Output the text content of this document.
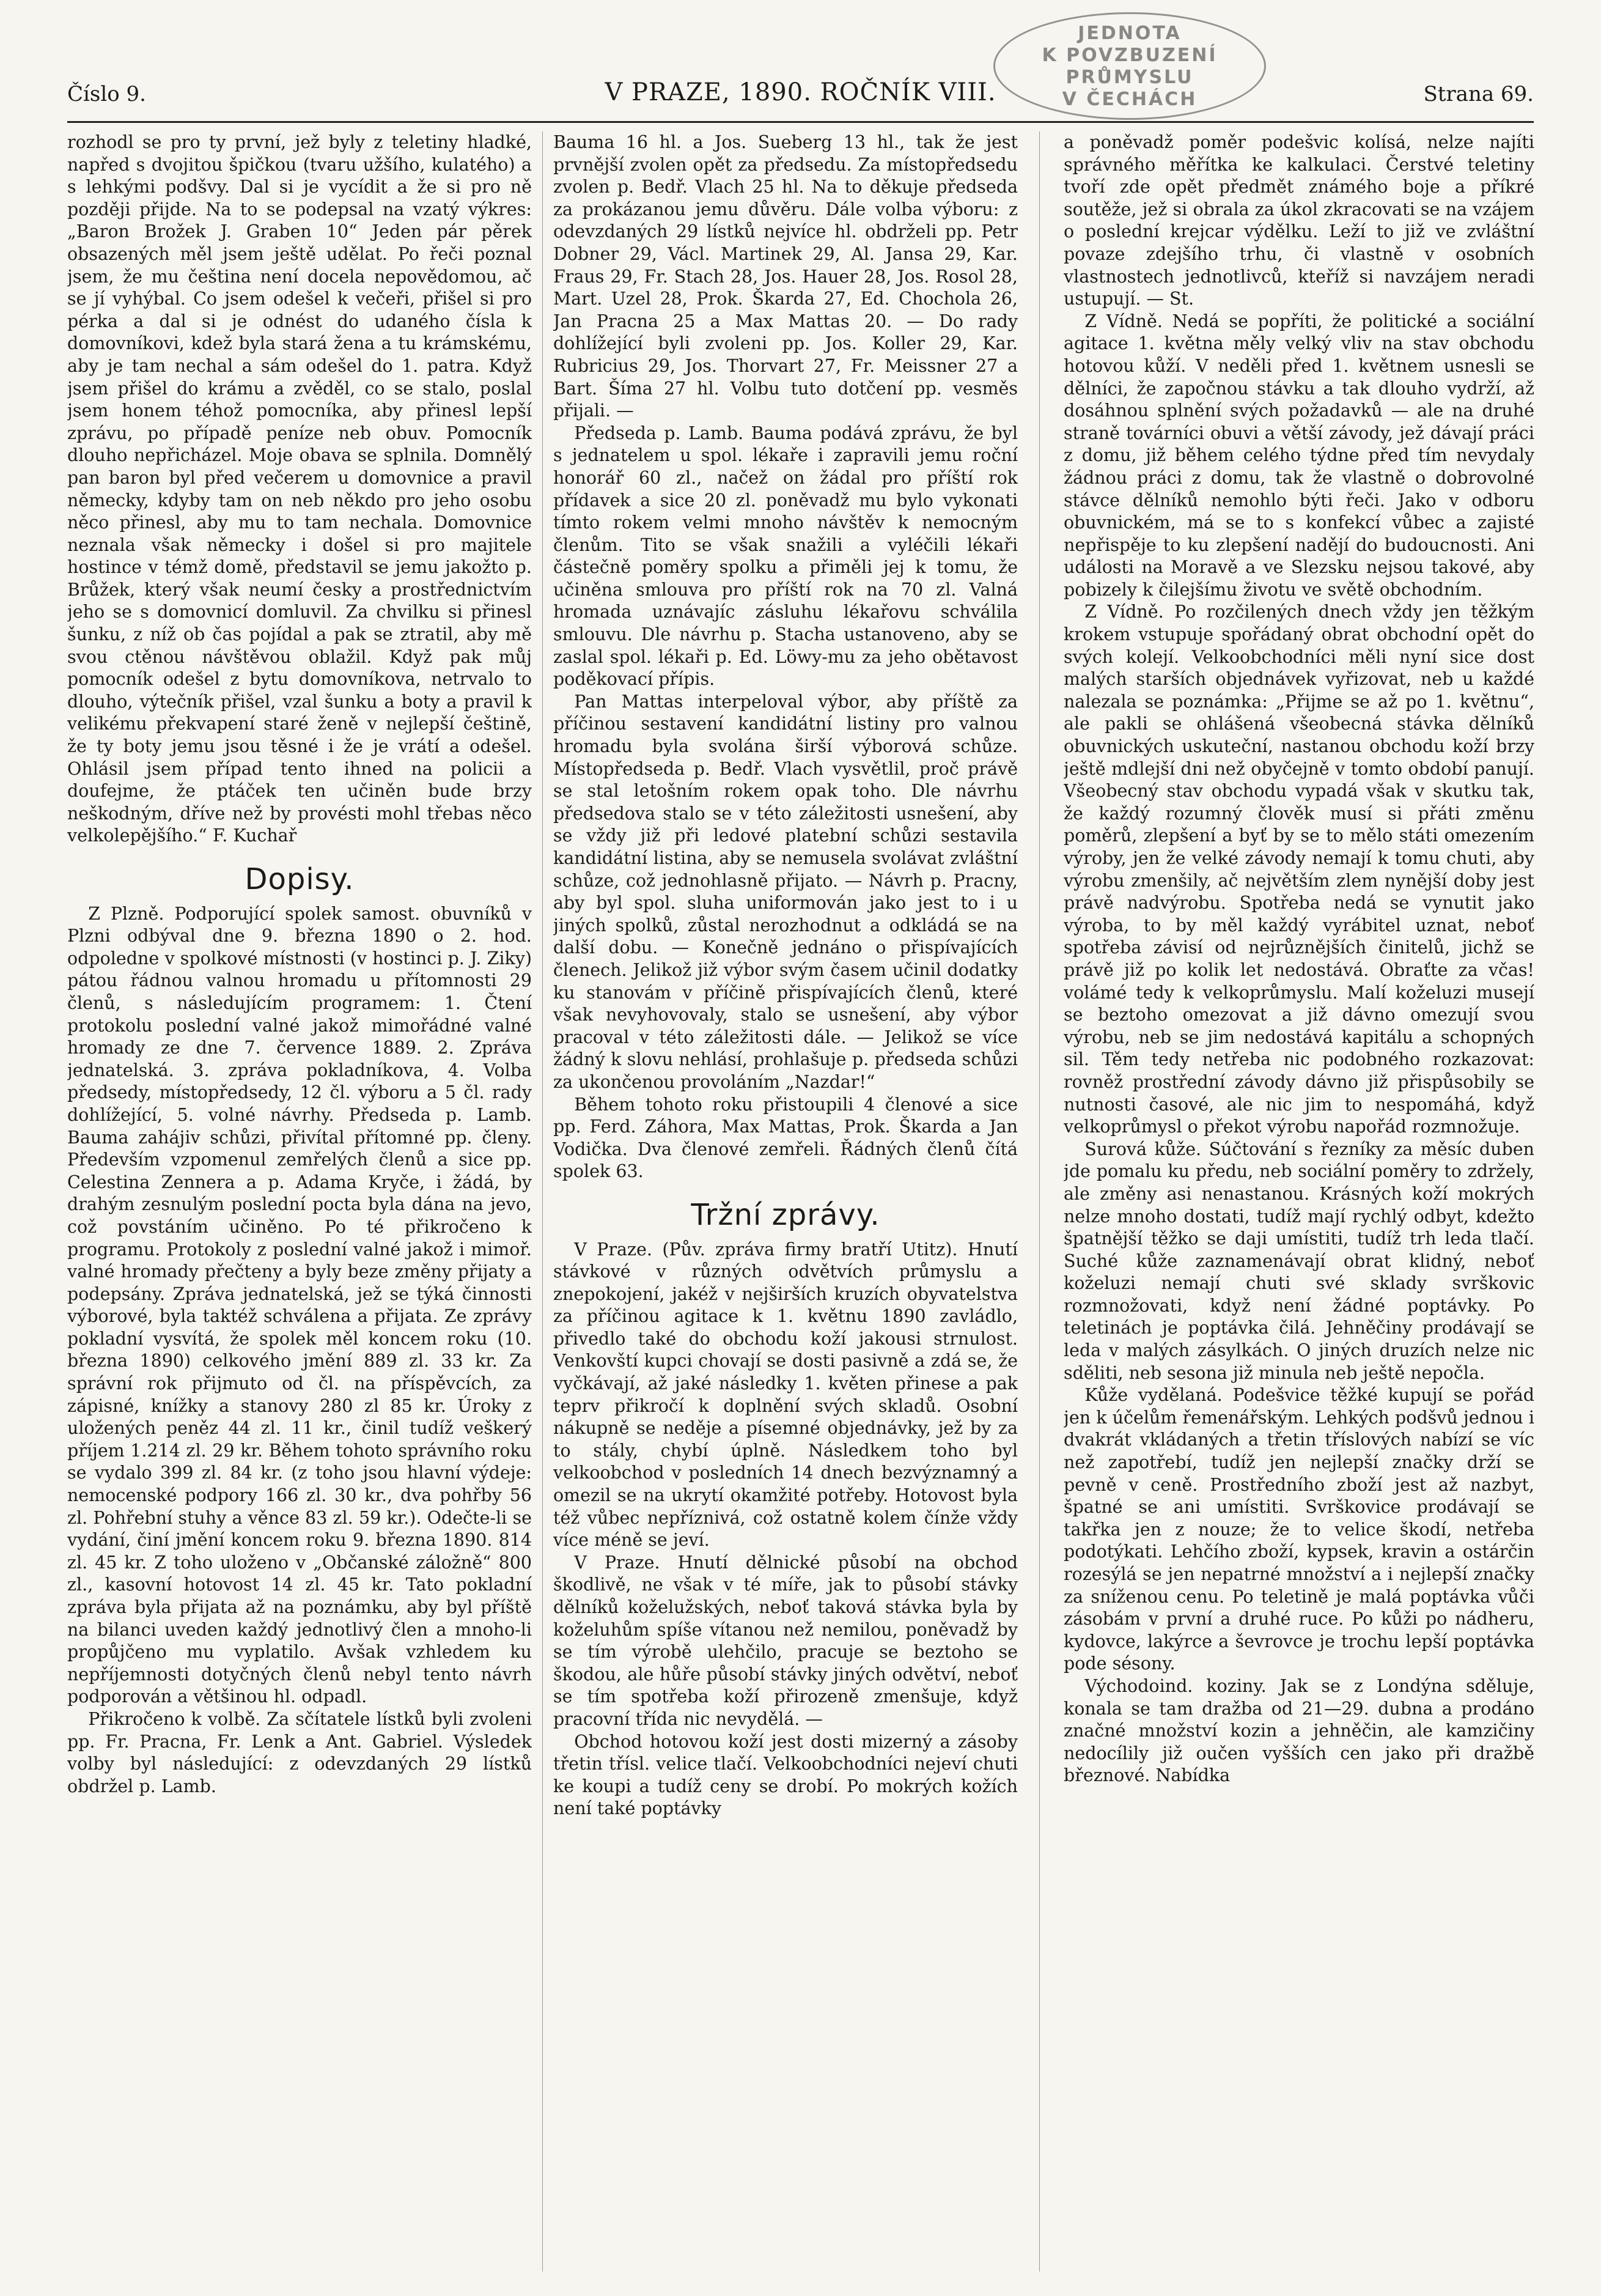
JEDNOTA
K POVZBUZENÍ
PRŮMYSLU
V ČECHÁCH
Číslo 9.	V PRAZE, 1890. ROČNÍK VIII.	Strana 69.

rozhodl se pro ty první, jež byly z teletiny hladké, napřed s dvojitou špičkou (tvaru užšího, kulatého) a s lehkými podšvy. Dal si je vycídit a že si pro ně později přijde. Na to se podepsal na vzatý výkres: „Baron Brožek J. Graben 10“ Jeden pár pěrek obsazených měl jsem ještě udělat. Po řeči poznal jsem, že mu čeština není docela nepovědomou, ač se jí vyhýbal. Co jsem odešel k večeři, přišel si pro pérka a dal si je odnést do udaného čísla k domovníkovi, kdež byla stará žena a tu krámskému, aby je tam nechal a sám odešel do 1. patra. Když jsem přišel do krámu a zvěděl, co se stalo, poslal jsem honem téhož pomocníka, aby přinesl lepší zprávu, po případě peníze neb obuv. Pomocník dlouho nepřicházel. Moje obava se splnila. Domnělý pan baron byl před večerem u domovnice a pravil německy, kdyby tam on neb někdo pro jeho osobu něco přinesl, aby mu to tam nechala. Domovnice neznala však německy i došel si pro majitele hostince v témž domě, představil se jemu jakožto p. Brůžek, který však neumí česky a prostřednictvím jeho se s domovnicí domluvil. Za chvilku si přinesl šunku, z níž ob čas pojídal a pak se ztratil, aby mě svou ctěnou návštěvou oblažil. Když pak můj pomocník odešel z bytu domovníkova, netrvalo to dlouho, výtečník přišel, vzal šunku a boty a pravil k velikému překvapení staré ženě v nejlepší češtině, že ty boty jemu jsou těsné i že je vrátí a odešel. Ohlásil jsem případ tento ihned na policii a doufejme, že ptáček ten učiněn bude brzy neškodným, dříve než by provésti mohl třebas něco velkolepějšího.“ F. Kuchař

Dopisy.

Z Plzně. Podporující spolek samost. obuvníků v Plzni odbýval dne 9. března 1890 o 2. hod. odpoledne v spolkové místnosti (v hostinci p. J. Ziky) pátou řádnou valnou hromadu u přítomnosti 29 členů, s následujícím programem: 1. Čtení protokolu poslední valné jakož mimořádné valné hromady ze dne 7. července 1889. 2. Zpráva jednatelská. 3. zpráva pokladníkova, 4. Volba předsedy, místopředsedy, 12 čl. výboru a 5 čl. rady dohlížející, 5. volné návrhy. Předseda p. Lamb. Bauma zahájiv schůzi, přivítal přítomné pp. členy. Především vzpomenul zemřelých členů a sice pp. Celestina Zennera a p. Adama Kryče, i žádá, by drahým zesnulým poslední pocta byla dána na jevo, což povstáním učiněno. Po té přikročeno k programu. Protokoly z poslední valné jakož i mimoř. valné hromady přečteny a byly beze změny přijaty a podepsány. Zpráva jednatelská, jež se týká činnosti výborové, byla taktéž schválena a přijata. Ze zprávy pokladní vysvítá, že spolek měl koncem roku (10. března 1890) celkového jmění 889 zl. 33 kr. Za správní rok přijmuto od čl. na příspěvcích, za zápisné, knížky a stanovy 280 zl 85 kr. Úroky z uložených peněz 44 zl. 11 kr., činil tudíž veškerý příjem 1.214 zl. 29 kr. Během tohoto správního roku se vydalo 399 zl. 84 kr. (z toho jsou hlavní výdeje: nemocenské podpory 166 zl. 30 kr., dva pohřby 56 zl. Pohřební stuhy a věnce 83 zl. 59 kr.). Odečte-li se vydání, činí jmění koncem roku 9. března 1890. 814 zl. 45 kr. Z toho uloženo v „Občanské záložně“ 800 zl., kasovní hotovost 14 zl. 45 kr. Tato pokladní zpráva byla přijata až na poznámku, aby byl příště na bilanci uveden každý jednotlivý člen a mnoho-li propůjčeno mu vyplatilo. Avšak vzhledem ku nepříjemnosti dotyčných členů nebyl tento návrh podporován a většinou hl. odpadl.

Přikročeno k volbě. Za sčítatele lístků byli zvoleni pp. Fr. Pracna, Fr. Lenk a Ant. Gabriel. Výsledek volby byl následující: z odevzdaných 29 lístků obdržel p. Lamb.

Bauma 16 hl. a Jos. Sueberg 13 hl., tak že jest prvnější zvolen opět za předsedu. Za místopředsedu zvolen p. Bedř. Vlach 25 hl. Na to děkuje předseda za prokázanou jemu důvěru. Dále volba výboru: z odevzdaných 29 lístků nejvíce hl. obdrželi pp. Petr Dobner 29, Václ. Martinek 29, Al. Jansa 29, Kar. Fraus 29, Fr. Stach 28, Jos. Hauer 28, Jos. Rosol 28, Mart. Uzel 28, Prok. Škarda 27, Ed. Chochola 26, Jan Pracna 25 a Max Mattas 20. — Do rady dohlížející byli zvoleni pp. Jos. Koller 29, Kar. Rubricius 29, Jos. Thorvart 27, Fr. Meissner 27 a Bart. Šíma 27 hl. Volbu tuto dotčení pp. vesměs přijali. —

Předseda p. Lamb. Bauma podává zprávu, že byl s jednatelem u spol. lékaře i zapravili jemu roční honorář 60 zl., načež on žádal pro příští rok přídavek a sice 20 zl. poněvadž mu bylo vykonati tímto rokem velmi mnoho návštěv k nemocným členům. Tito se však snažili a vyléčili lékaři částečně poměry spolku a přiměli jej k tomu, že učiněna smlouva pro příští rok na 70 zl. Valná hromada uznávajíc zásluhu lékařovu schválila smlouvu. Dle návrhu p. Stacha ustanoveno, aby se zaslal spol. lékaři p. Ed. Löwy-mu za jeho obětavost poděkovací přípis.

Pan Mattas interpeloval výbor, aby příště za příčinou sestavení kandidátní listiny pro valnou hromadu byla svolána širší výborová schůze. Místopředseda p. Bedř. Vlach vysvětlil, proč právě se stal letošním rokem opak toho. Dle návrhu předsedova stalo se v této záležitosti usnešení, aby se vždy již při ledové platební schůzi sestavila kandidátní listina, aby se nemusela svolávat zvláštní schůze, což jednohlasně přijato. — Návrh p. Pracny, aby byl spol. sluha uniformován jako jest to i u jiných spolků, zůstal nerozhodnut a odkládá se na další dobu. — Konečně jednáno o přispívajících členech. Jelikož již výbor svým časem učinil dodatky ku stanovám v příčině přispívajících členů, které však nevyhovovaly, stalo se usnešení, aby výbor pracoval v této záležitosti dále. — Jelikož se více žádný k slovu nehlásí, prohlašuje p. předseda schůzi za ukončenou provoláním „Nazdar!“

Během tohoto roku přistoupili 4 členové a sice pp. Ferd. Záhora, Max Mattas, Prok. Škarda a Jan Vodička. Dva členové zemřeli. Řádných členů čítá spolek 63.

Tržní zprávy.

V Praze. (Pův. zpráva firmy bratří Utitz). Hnutí stávkové v různých odvětvích průmyslu a znepokojení, jakéž v nejširších kruzích obyvatelstva za příčinou agitace k 1. květnu 1890 zavládlo, přivedlo také do obchodu koží jakousi strnulost. Venkovští kupci chovají se dosti pasivně a zdá se, že vyčkávají, až jaké následky 1. květen přinese a pak teprv přikročí k doplnění svých skladů. Osobní nákupně se neděje a písemné objednávky, jež by za to stály, chybí úplně. Následkem toho byl velkoobchod v posledních 14 dnech bezvýznamný a omezil se na ukrytí okamžité potřeby. Hotovost byla též vůbec nepříznivá, což ostatně kolem čínže vždy více méně se jeví.

V Praze. Hnutí dělnické působí na obchod škodlivě, ne však v té míře, jak to působí stávky dělníků koželužských, neboť taková stávka byla by koželuhům spíše vítanou než nemilou, poněvadž by se tím výrobě ulehčilo, pracuje se beztoho se škodou, ale hůře působí stávky jiných odvětví, neboť se tím spotřeba koží přirozeně zmenšuje, když pracovní třída nic nevydělá. —

Obchod hotovou koží jest dosti mizerný a zásoby třetin třísl. velice tlačí. Velkoobchodníci nejeví chuti ke koupi a tudíž ceny se drobí. Po mokrých kožích není také poptávky

a poněvadž poměr podešvic kolísá, nelze najíti správného měřítka ke kalkulaci. Čerstvé teletiny tvoří zde opět předmět známého boje a příkré soutěže, jež si obrala za úkol zkracovati se na vzájem o poslední krejcar výdělku. Leží to již ve zvláštní povaze zdejšího trhu, či vlastně v osobních vlastnostech jednotlivců, kteříž si navzájem neradi ustupují. — St.

Z Vídně. Nedá se popříti, že politické a sociální agitace 1. května měly velký vliv na stav obchodu hotovou kůží. V neděli před 1. květnem usnesli se dělníci, že započnou stávku a tak dlouho vydrží, až dosáhnou splnění svých požadavků — ale na druhé straně továrníci obuvi a větší závody, jež dávají práci z domu, již během celého týdne před tím nevydaly žádnou práci z domu, tak že vlastně o dobrovolné stávce dělníků nemohlo býti řeči. Jako v odboru obuvnickém, má se to s konfekcí vůbec a zajisté nepřispěje to ku zlepšení nadějí do budoucnosti. Ani události na Moravě a ve Slezsku nejsou takové, aby pobizely k čilejšímu životu ve světě obchodním.

Z Vídně. Po rozčilených dnech vždy jen těžkým krokem vstupuje spořádaný obrat obchodní opět do svých kolejí. Velkoobchodníci měli nyní sice dost malých starších objednávek vyřizovat, neb u každé nalezala se poznámka: „Přijme se až po 1. květnu“, ale pakli se ohlášená všeobecná stávka dělníků obuvnických uskuteční, nastanou obchodu koží brzy ještě mdlejší dni než obyčejně v tomto období panují. Všeobecný stav obchodu vypadá však v skutku tak, že každý rozumný člověk musí si přáti změnu poměrů, zlepšení a byť by se to mělo státi omezením výroby, jen že velké závody nemají k tomu chuti, aby výrobu zmenšily, ač největším zlem nynější doby jest právě nadvýrobu. Spotřeba nedá se vynutit jako výroba, to by měl každý vyrábitel uznat, neboť spotřeba závisí od nejrůznějších činitelů, jichž se právě již po kolik let nedostává. Obraťte za včas! volámé tedy k velkoprůmyslu. Malí koželuzi musejí se beztoho omezovat a již dávno omezují svou výrobu, neb se jim nedostává kapitálu a schopných sil. Těm tedy netřeba nic podobného rozkazovat: rovněž prostřední závody dávno již přispůsobily se nutnosti časové, ale nic jim to nespomáhá, když velkoprůmysl o překot výrobu napořád rozmnožuje.

Surová kůže. Súčtování s řezníky za měsíc duben jde pomalu ku předu, neb sociální poměry to zdržely, ale změny asi nenastanou. Krásných koží mokrých nelze mnoho dostati, tudíž mají rychlý odbyt, kdežto špatnější těžko se daji umístiti, tudíž trh leda tlačí. Suché kůže zaznamenávají obrat klidný, neboť koželuzi nemají chuti své sklady svrškovic rozmnožovati, když není žádné poptávky. Po teletinách je poptávka čilá. Jehněčiny prodávají se leda v malých zásylkách. O jiných druzích nelze nic sděliti, neb sesona již minula neb ještě nepočla.

Kůže vydělaná. Podešvice těžké kupují se pořád jen k účelům řemenářským. Lehkých podšvů jednou i dvakrát vkládaných a třetin tříslových nabízí se víc než zapotřebí, tudíž jen nejlepší značky drží se pevně v ceně. Prostředního zboží jest až nazbyt, špatné se ani umístiti. Svrškovice prodávají se takřka jen z nouze; že to velice škodí, netřeba podotýkati. Lehčího zboží, kypsek, kravin a ostárčin rozesýlá se jen nepatrné množství a i nejlepší značky za sníženou cenu. Po teletině je malá poptávka vůči zásobám v první a druhé ruce. Po kůži po nádheru, kydovce, lakýrce a ševrovce je trochu lepší poptávka pode sésony.

Východoind. koziny. Jak se z Londýna sděluje, konala se tam dražba od 21—29. dubna a prodáno značné množství kozin a jehněčin, ale kamzičiny nedocílily již oučen vyšších cen jako při dražbě březnové. Nabídka
